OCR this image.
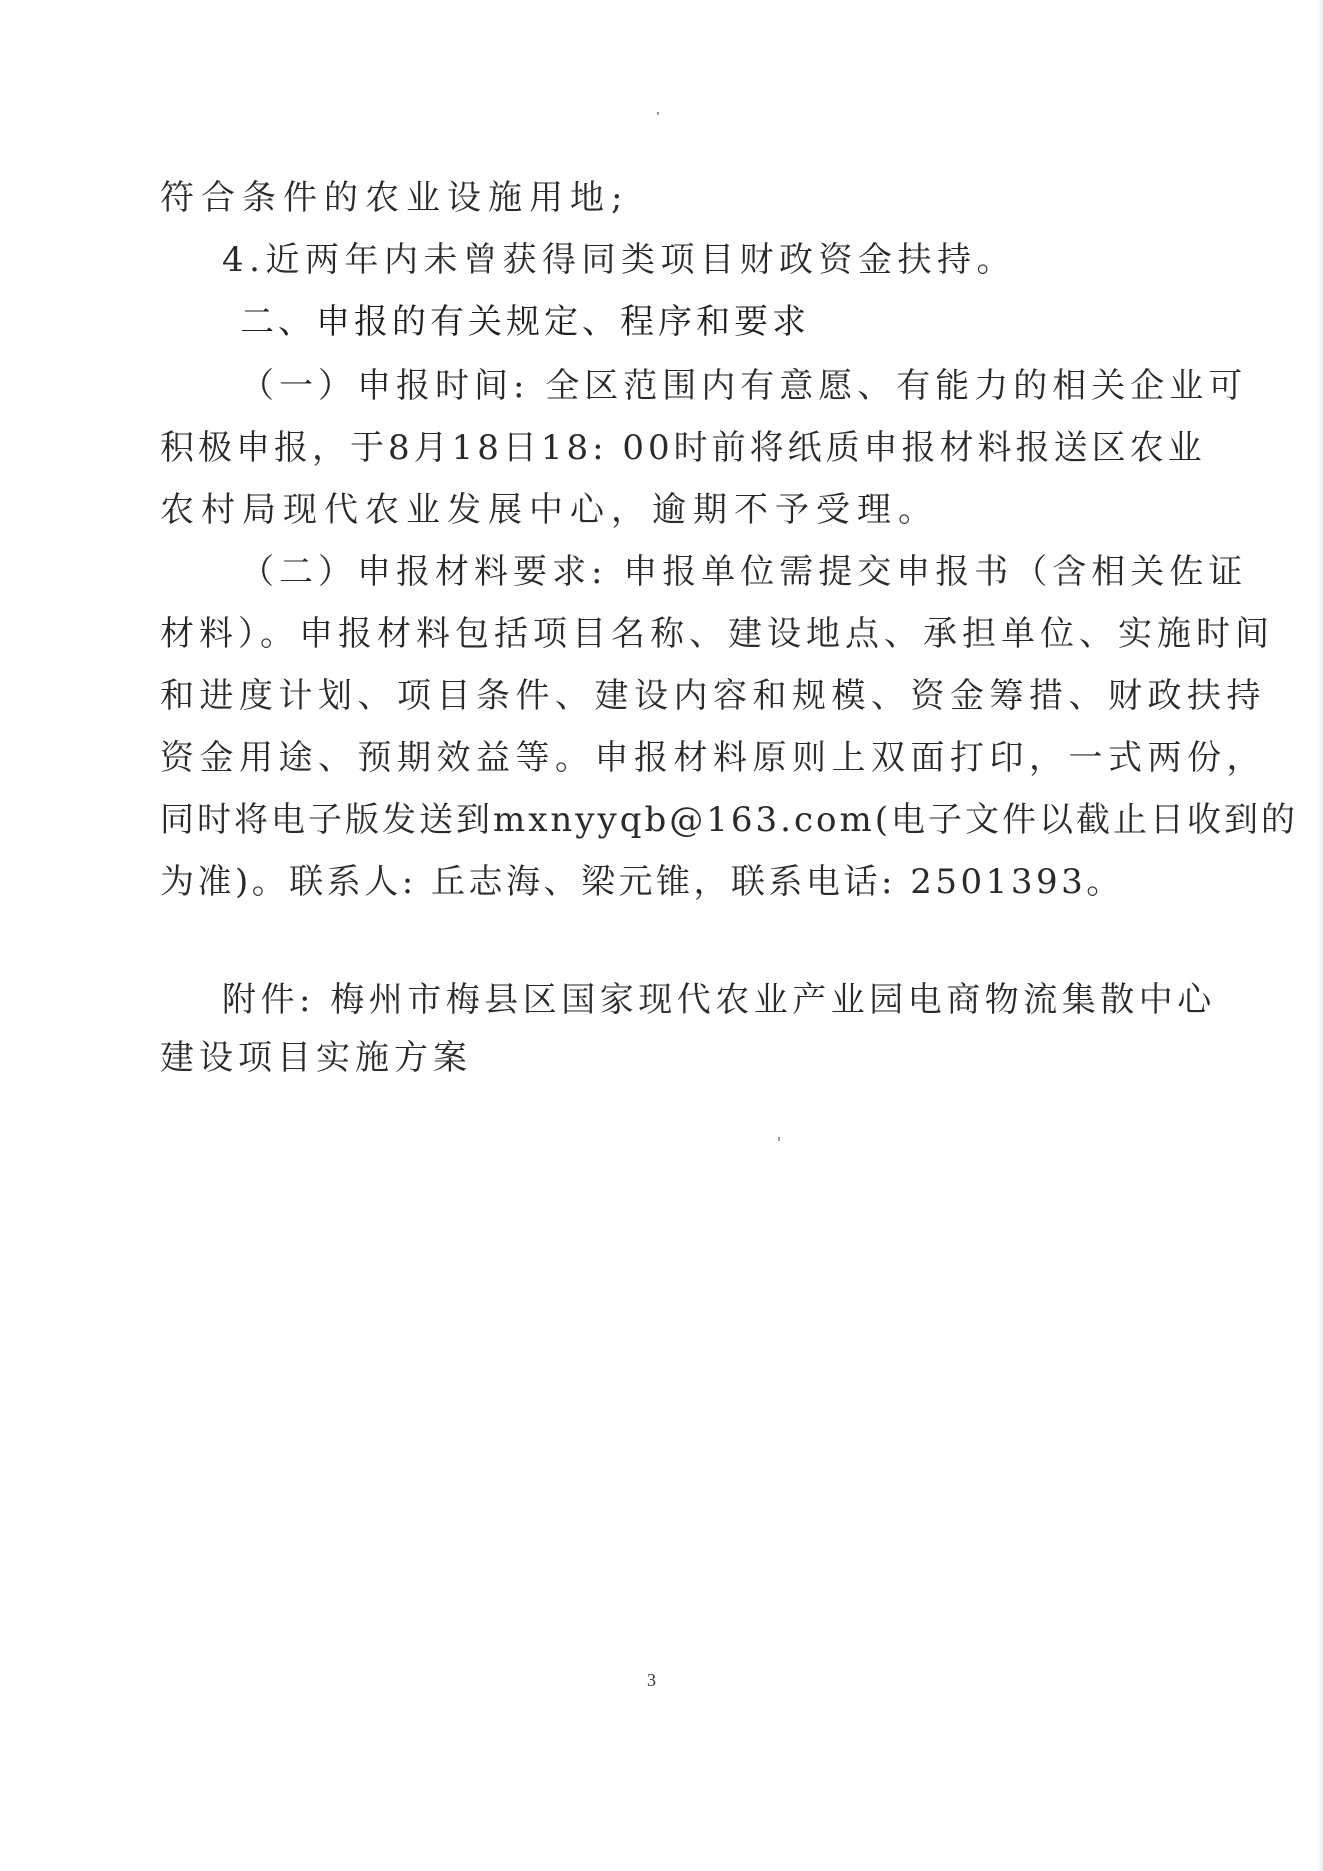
符合条件的农业设施用地;
4.近两年内未曾获得同类项目财政资金扶持。
二、申报的有关规定、程序和要求
（一）申报时间: 全区范围内有意愿、有能力的相关企业可
积极申报，于8月18日18: 00时前将纸质申报材料报送区农业
农村局现代农业发展中心，逾期不予受理。
（二）申报材料要求: 申报单位需提交申报书（含相关佐证
材料）。申报材料包括项目名称、建设地点、承担单位、实施时间
和进度计划、项目条件、建设内容和规模、资金筹措、财政扶持
资金用途、预期效益等。申报材料原则上双面打印，一式两份，
同时将电子版发送到mxnyyqb@163.com(电子文件以截止日收到的
为准)。联系人: 丘志海、梁元锥，联系电话: 2501393。
附件: 梅州市梅县区国家现代农业产业园电商物流集散中心
建设项目实施方案
3
